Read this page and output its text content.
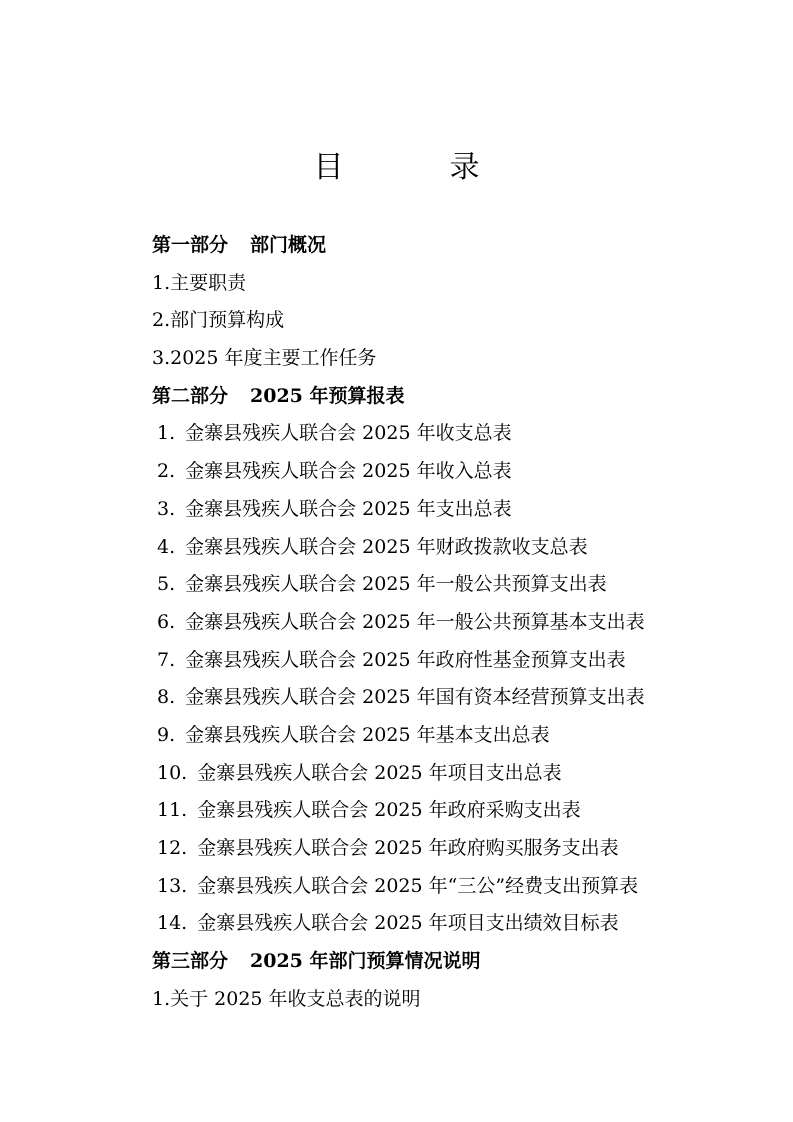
目　录
第一部分 部门概况
1.主要职责
2.部门预算构成
3.2025 年度主要工作任务
第二部分 2025 年预算报表
1. 金寨县残疾人联合会 2025 年收支总表
2. 金寨县残疾人联合会 2025 年收入总表
3. 金寨县残疾人联合会 2025 年支出总表
4. 金寨县残疾人联合会 2025 年财政拨款收支总表
5. 金寨县残疾人联合会 2025 年一般公共预算支出表
6. 金寨县残疾人联合会 2025 年一般公共预算基本支出表
7. 金寨县残疾人联合会 2025 年政府性基金预算支出表
8. 金寨县残疾人联合会 2025 年国有资本经营预算支出表
9. 金寨县残疾人联合会 2025 年基本支出总表
10. 金寨县残疾人联合会 2025 年项目支出总表
11. 金寨县残疾人联合会 2025 年政府采购支出表
12. 金寨县残疾人联合会 2025 年政府购买服务支出表
13. 金寨县残疾人联合会 2025 年“三公”经费支出预算表
14. 金寨县残疾人联合会 2025 年项目支出绩效目标表
第三部分 2025 年部门预算情况说明
1.关于 2025 年收支总表的说明
